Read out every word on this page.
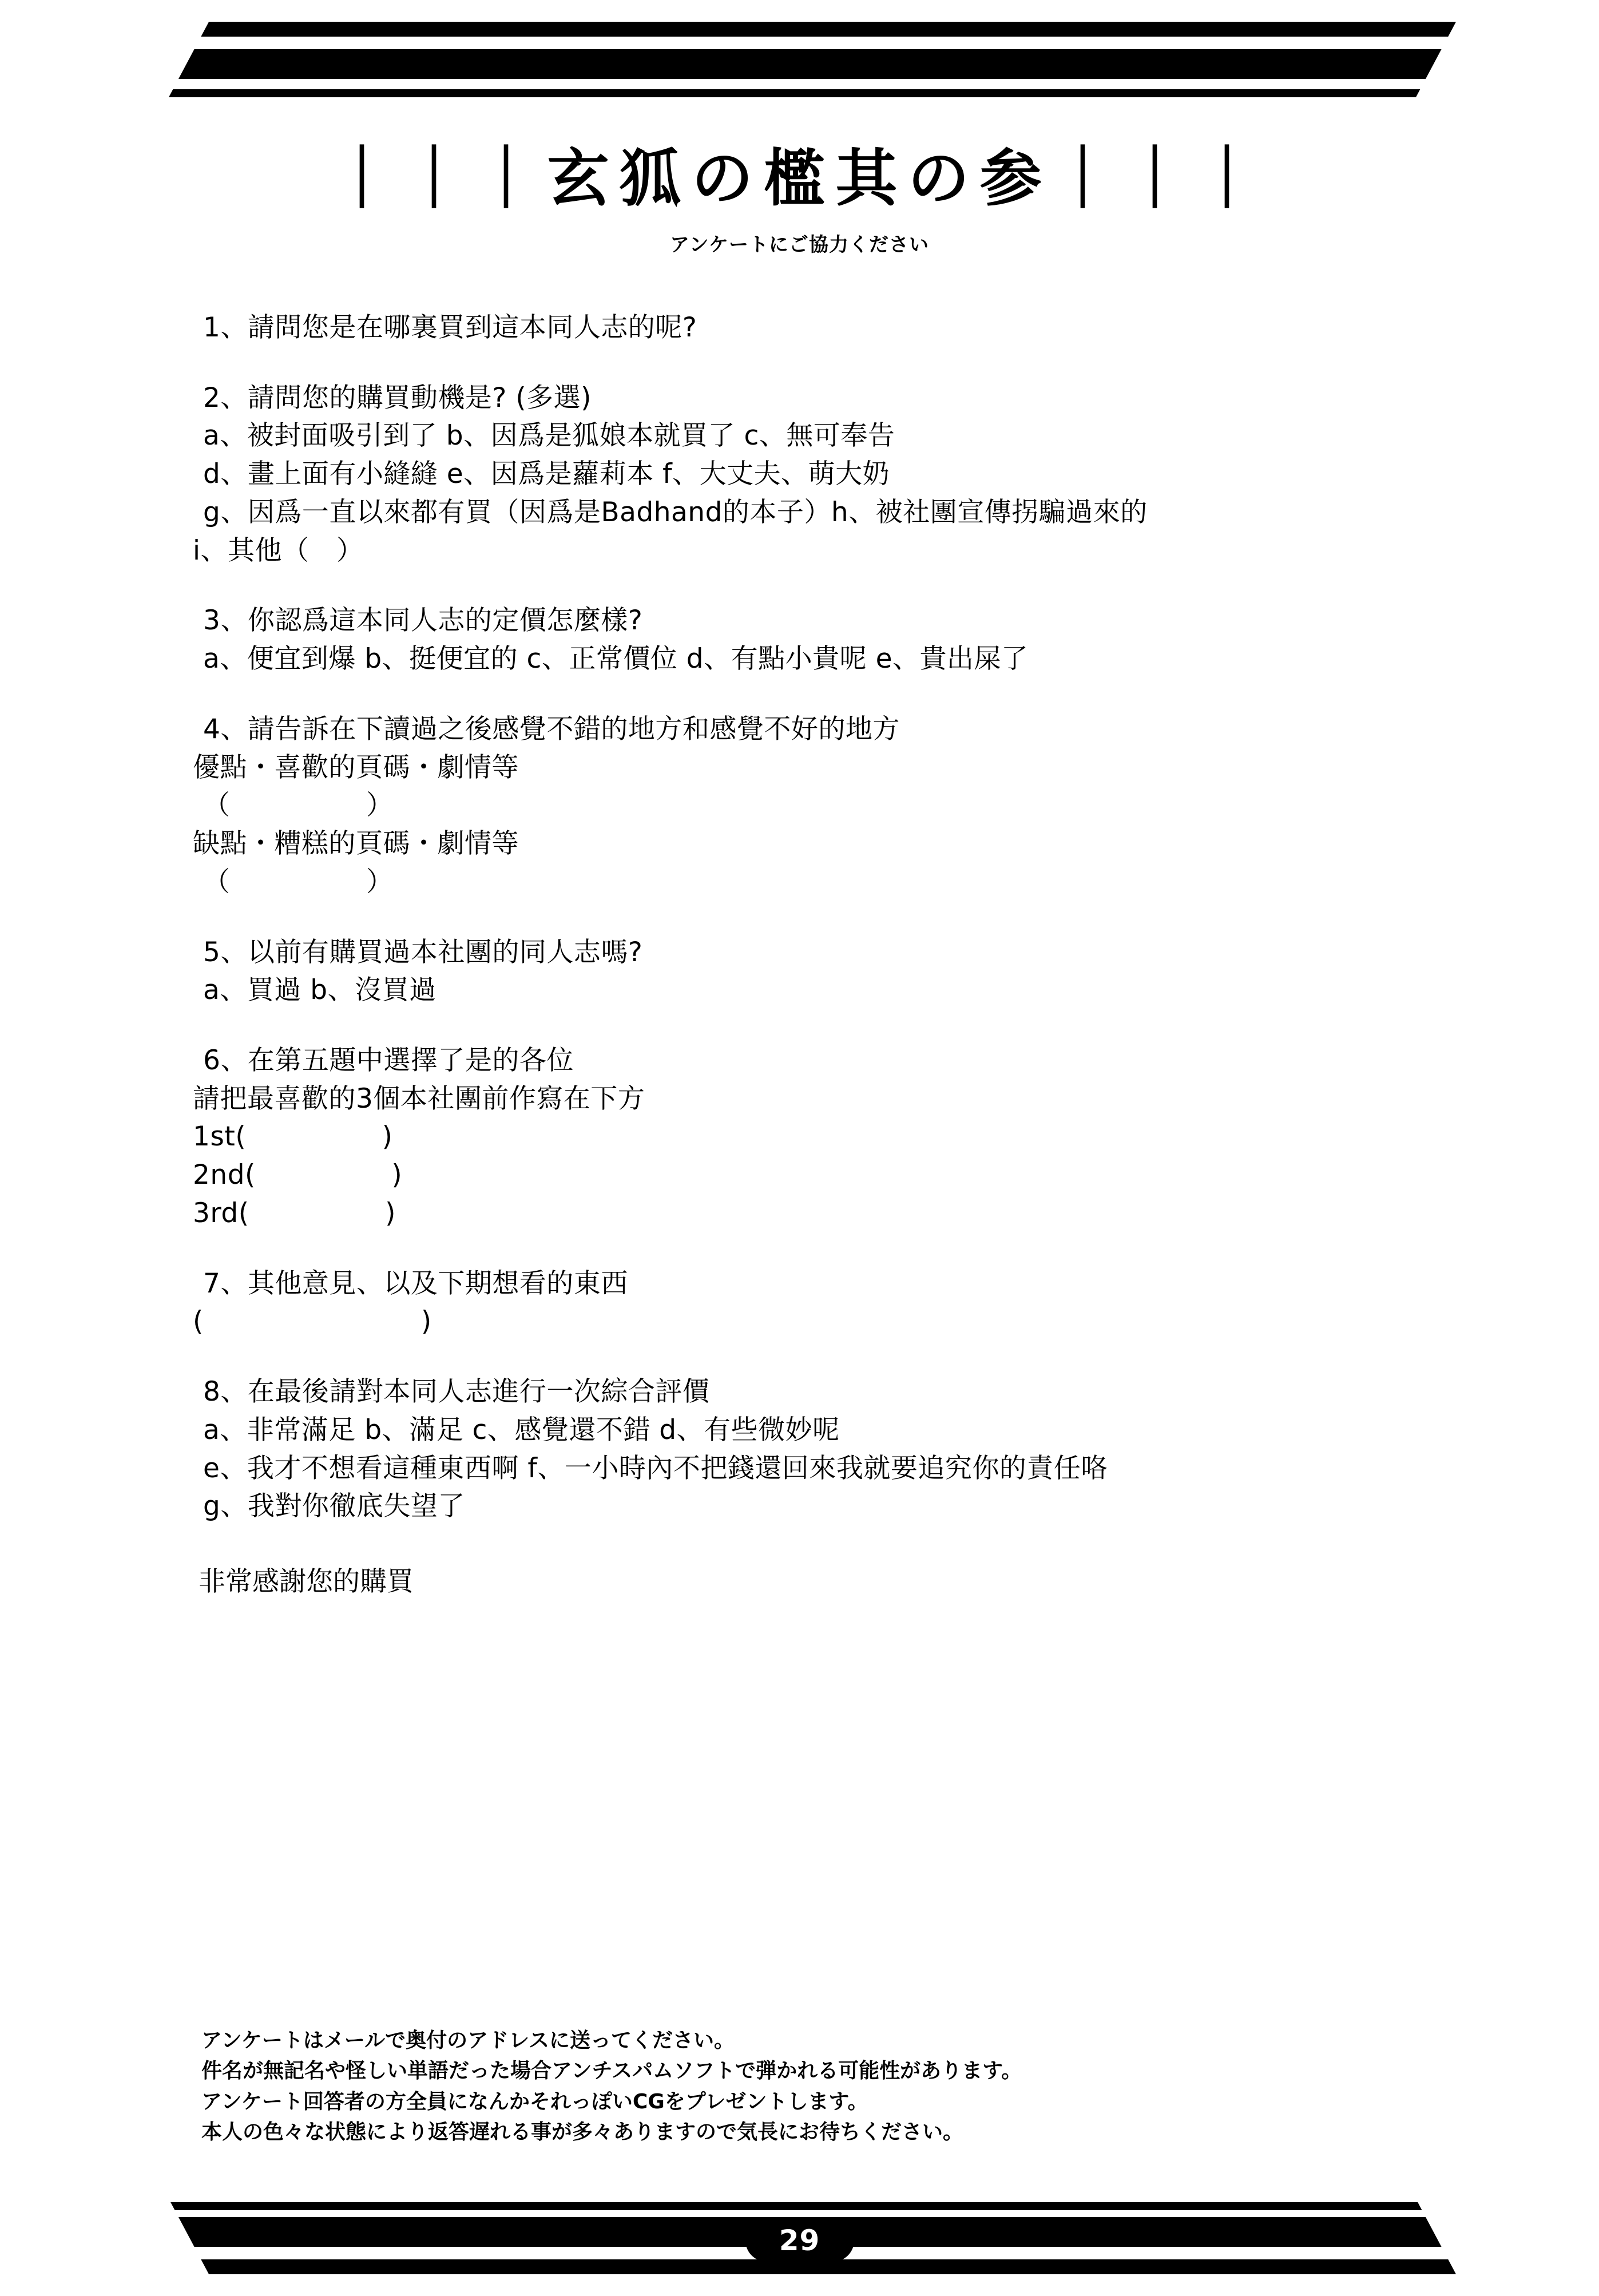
｜｜｜玄狐の檻其の参｜｜｜
アンケートにご協力ください
1、請問您是在哪裏買到這本同人志的呢?
2、請問您的購買動機是? (多選)
a、被封面吸引到了 b、因爲是狐娘本就買了 c、無可奉告
d、畫上面有小縫縫 e、因爲是蘿莉本 f、大丈夫、萌大奶
g、因爲一直以來都有買（因爲是Badhand的本子）h、被社團宣傳拐騙過來的
i、其他（　）
3、你認爲這本同人志的定價怎麼樣?
a、便宜到爆 b、挺便宜的 c、正常價位 d、有點小貴呢 e、貴出屎了
4、請告訴在下讀過之後感覺不錯的地方和感覺不好的地方
優點・喜歡的頁碼・劇情等
（　　　　　）
缺點・糟糕的頁碼・劇情等
（　　　　　）
5、以前有購買過本社團的同人志嗎?
a、買過 b、沒買過
6、在第五題中選擇了是的各位
請把最喜歡的3個本社團前作寫在下方
1st(　　　　　)
2nd(　　　　　)
3rd(　　　　　)
7、其他意見、以及下期想看的東西
(　　　　　　　　)
8、在最後請對本同人志進行一次綜合評價
a、非常滿足 b、滿足 c、感覺還不錯 d、有些微妙呢
e、我才不想看這種東西啊 f、一小時內不把錢還回來我就要追究你的責任咯
g、我對你徹底失望了
非常感謝您的購買
アンケートはメールで奥付のアドレスに送ってください。
件名が無記名や怪しい単語だった場合アンチスパムソフトで弾かれる可能性があります。
アンケート回答者の方全員になんかそれっぽいCGをプレゼントします。
本人の色々な状態により返答遅れる事が多々ありますので気長にお待ちください。
29
